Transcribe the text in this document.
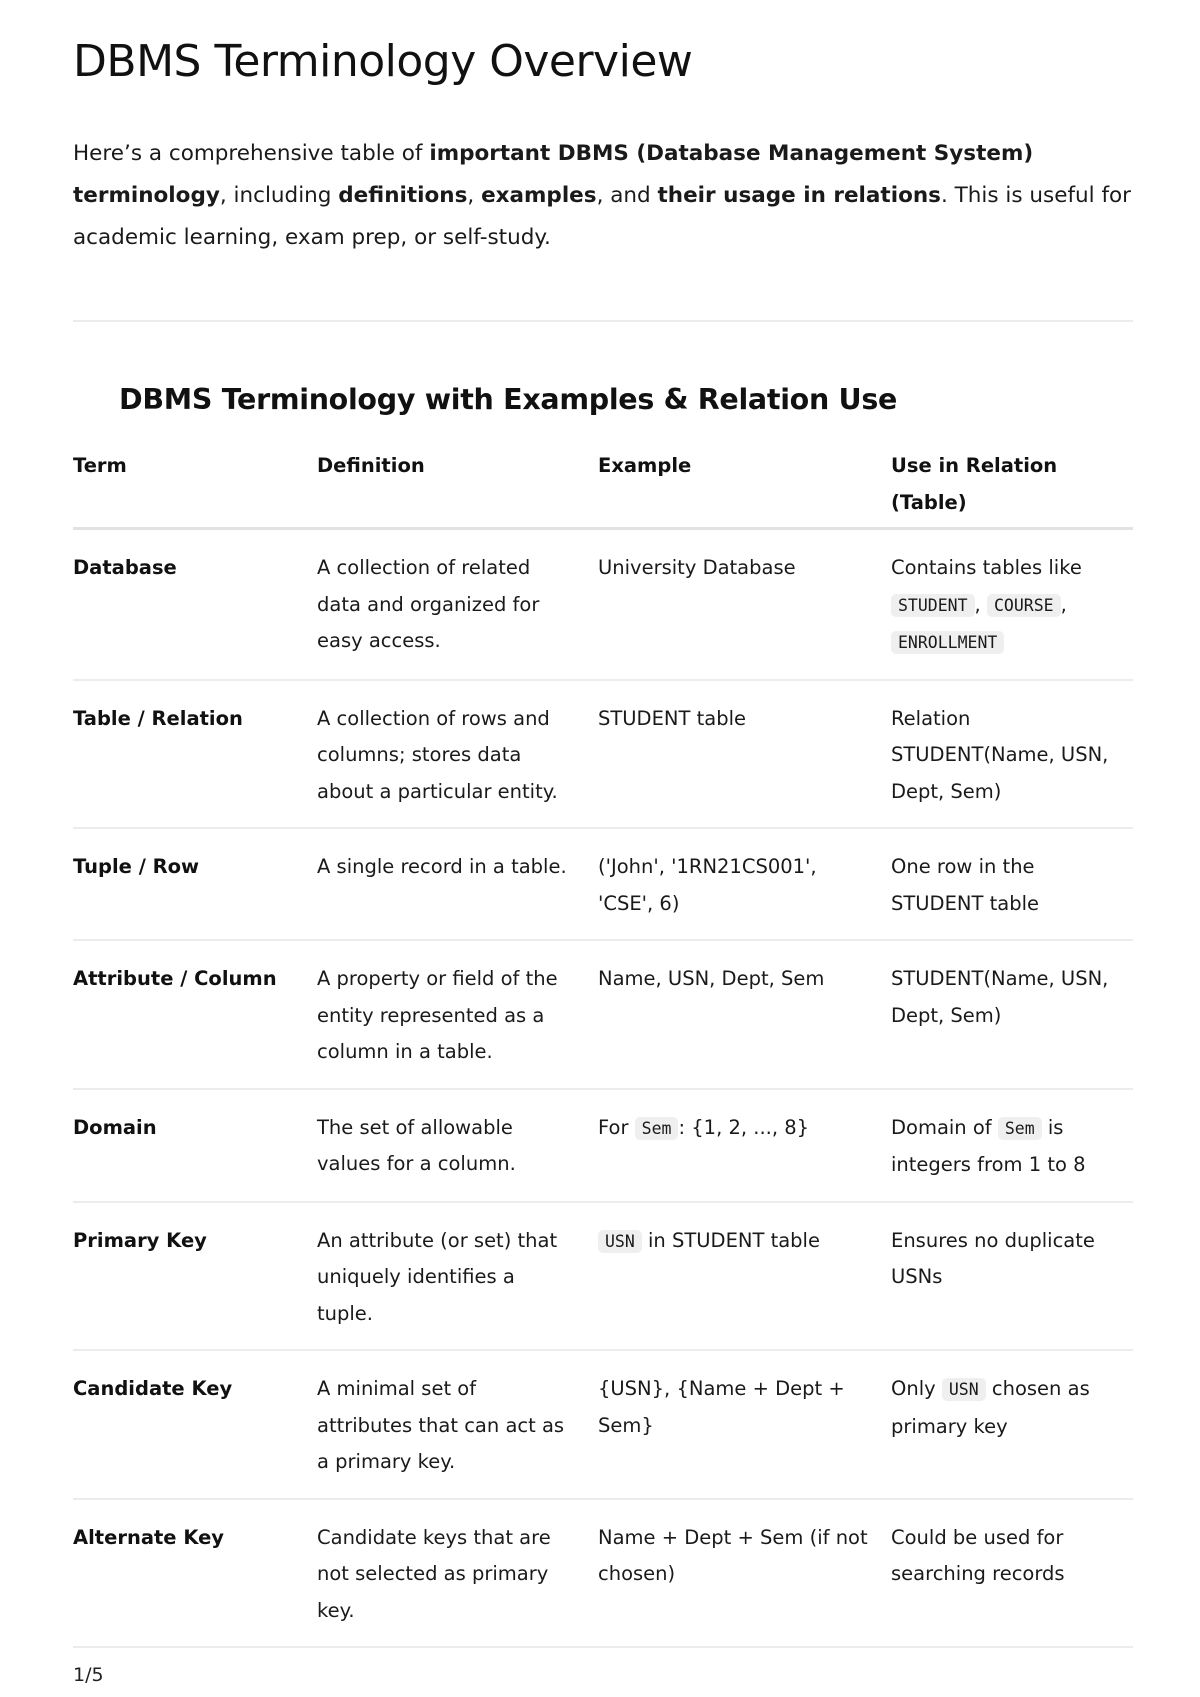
DBMS Terminology Overview

Here’s a comprehensive table of important DBMS (Database Management System) terminology, including definitions, examples, and their usage in relations. This is useful for academic learning, exam prep, or self-study.

DBMS Terminology with Examples & Relation Use
Term	Definition	Example	Use in Relation (Table)
Database	A collection of related data and organized for easy access.	University Database	Contains tables like
STUDENT , COURSE ,
ENROLLMENT
Table / Relation	A collection of rows and columns; stores data about a particular entity.	STUDENT table	Relation STUDENT(Name, USN, Dept, Sem)
Tuple / Row	A single record in a table.	('John', '1RN21CS001', 'CSE', 6)	One row in the STUDENT table
Attribute / Column	A property or field of the entity represented as a column in a table.	Name, USN, Dept, Sem	STUDENT(Name, USN, Dept, Sem)
Domain	The set of allowable values for a column.	For Sem : {1, 2, ..., 8}	Domain of Sem is integers from 1 to 8
Primary Key	An attribute (or set) that uniquely identifies a tuple.	USN in STUDENT table	Ensures no duplicate USNs
Candidate Key	A minimal set of attributes that can act as a primary key.	{USN}, {Name + Dept + Sem}	Only USN chosen as primary key
Alternate Key	Candidate keys that are not selected as primary key.	Name + Dept + Sem (if not chosen)	Could be used for searching records
1/5
